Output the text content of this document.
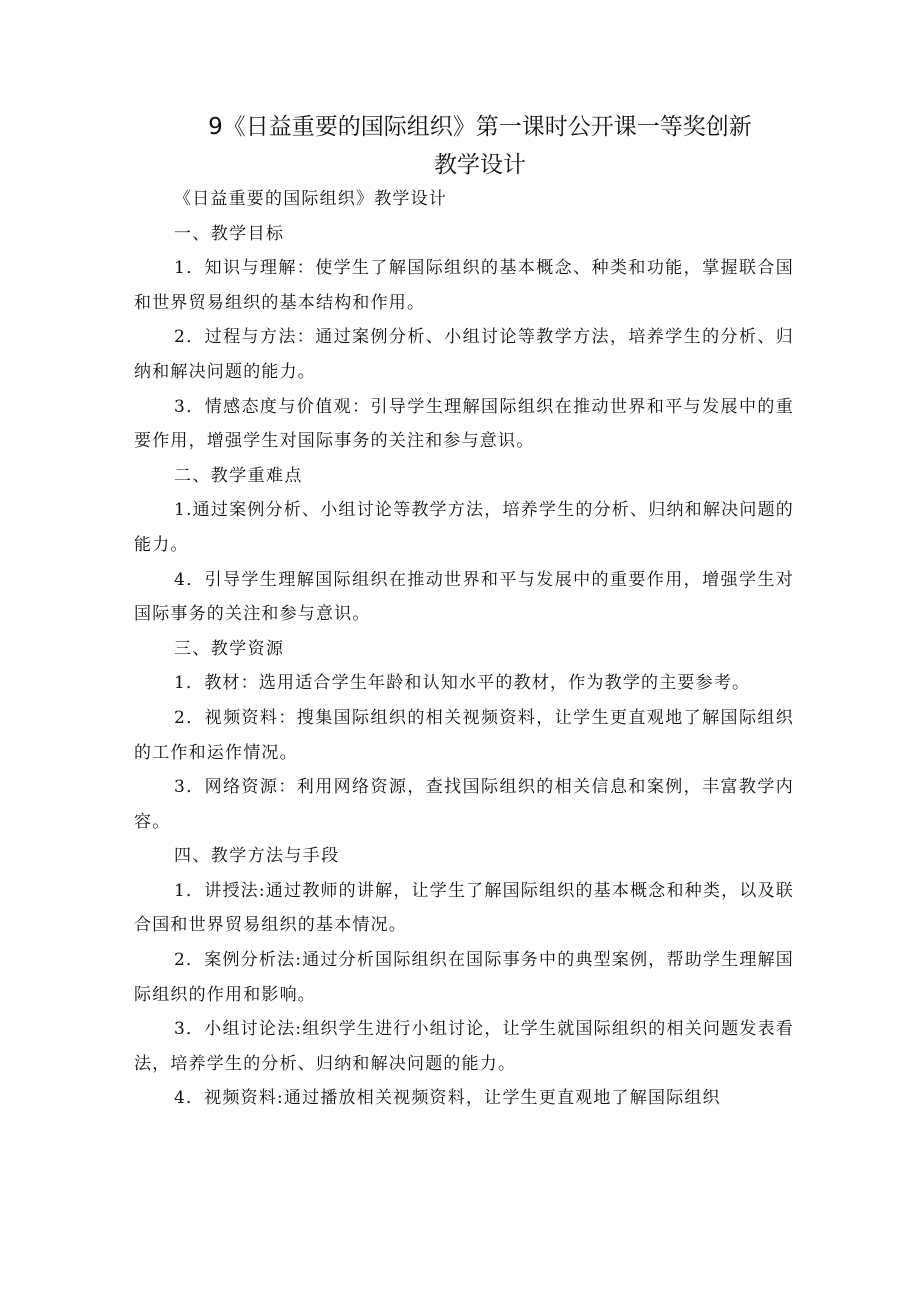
9《日益重要的国际组织》第一课时公开课一等奖创新
教学设计

《日益重要的国际组织》教学设计

一、教学目标

1．知识与理解：使学生了解国际组织的基本概念、种类和功能，掌握联合国和世界贸易组织的基本结构和作用。

2．过程与方法：通过案例分析、小组讨论等教学方法，培养学生的分析、归纳和解决问题的能力。

3．情感态度与价值观：引导学生理解国际组织在推动世界和平与发展中的重要作用，增强学生对国际事务的关注和参与意识。

二、教学重难点

1.通过案例分析、小组讨论等教学方法，培养学生的分析、归纳和解决问题的能力。

4．引导学生理解国际组织在推动世界和平与发展中的重要作用，增强学生对国际事务的关注和参与意识。

三、教学资源

1．教材：选用适合学生年龄和认知水平的教材，作为教学的主要参考。

2．视频资料：搜集国际组织的相关视频资料，让学生更直观地了解国际组织的工作和运作情况。

3．网络资源：利用网络资源，查找国际组织的相关信息和案例，丰富教学内容。

四、教学方法与手段

1．讲授法:通过教师的讲解，让学生了解国际组织的基本概念和种类，以及联合国和世界贸易组织的基本情况。

2．案例分析法:通过分析国际组织在国际事务中的典型案例，帮助学生理解国际组织的作用和影响。

3．小组讨论法:组织学生进行小组讨论，让学生就国际组织的相关问题发表看法，培养学生的分析、归纳和解决问题的能力。

4．视频资料:通过播放相关视频资料，让学生更直观地了解国际组织
